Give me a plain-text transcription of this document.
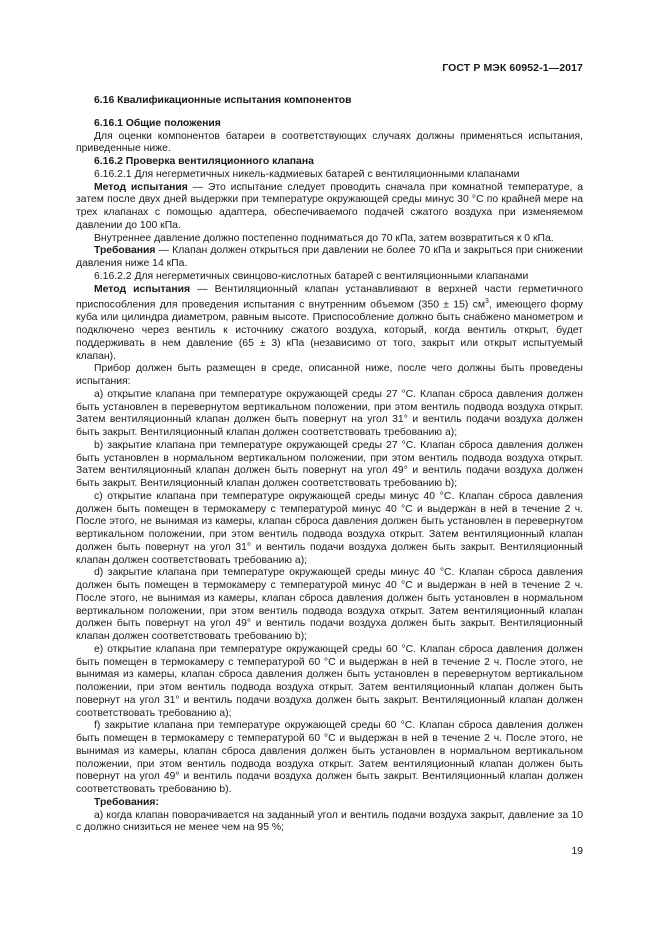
ГОСТ Р МЭК 60952-1—2017

6.16 Квалификационные испытания компонентов

6.16.1 Общие положения

Для оценки компонентов батареи в соответствующих случаях должны применяться испытания, приведенные ниже.

6.16.2 Проверка вентиляционного клапана

6.16.2.1 Для негерметичных никель-кадмиевых батарей с вентиляционными клапанами

Метод испытания — Это испытание следует проводить сначала при комнатной температуре, а затем после двух дней выдержки при температуре окружающей среды минус 30 °С по крайней мере на трех клапанах с помощью адаптера, обеспечиваемого подачей сжатого воздуха при изменяемом давлении до 100 кПа.

Внутреннее давление должно постепенно подниматься до 70 кПа, затем возвратиться к 0 кПа.

Требования — Клапан должен открыться при давлении не более 70 кПа и закрыться при снижении давления ниже 14 кПа.

6.16.2.2 Для негерметичных свинцово-кислотных батарей с вентиляционными клапанами

Метод испытания — Вентиляционный клапан устанавливают в верхней части герметичного приспособления для проведения испытания с внутренним объемом (350 ± 15) $см^3$, имеющего форму куба или цилиндра диаметром, равным высоте. Приспособление должно быть снабжено манометром и подключено через вентиль к источнику сжатого воздуха, который, когда вентиль открыт, будет поддерживать в нем давление (65 ± 3) кПа (независимо от того, закрыт или открыт испытуемый клапан).

Прибор должен быть размещен в среде, описанной ниже, после чего должны быть проведены испытания:

a) открытие клапана при температуре окружающей среды 27 °С. Клапан сброса давления должен быть установлен в перевернутом вертикальном положении, при этом вентиль подвода воздуха открыт. Затем вентиляционный клапан должен быть повернут на угол 31° и вентиль подачи воздуха должен быть закрыт. Вентиляционный клапан должен соответствовать требованию a);

b) закрытие клапана при температуре окружающей среды 27 °С. Клапан сброса давления должен быть установлен в нормальном вертикальном положении, при этом вентиль подвода воздуха открыт. Затем вентиляционный клапан должен быть повернут на угол 49° и вентиль подачи воздуха должен быть закрыт. Вентиляционный клапан должен соответствовать требованию b);

c) открытие клапана при температуре окружающей среды минус 40 °С. Клапан сброса давления должен быть помещен в термокамеру с температурой минус 40 °С и выдержан в ней в течение 2 ч. После этого, не вынимая из камеры, клапан сброса давления должен быть установлен в перевернутом вертикальном положении, при этом вентиль подвода воздуха открыт. Затем вентиляционный клапан должен быть повернут на угол 31° и вентиль подачи воздуха должен быть закрыт. Вентиляционный клапан должен соответствовать требованию a);

d) закрытие клапана при температуре окружающей среды минус 40 °С. Клапан сброса давления должен быть помещен в термокамеру с температурой минус 40 °С и выдержан в ней в течение 2 ч. После этого, не вынимая из камеры, клапан сброса давления должен быть установлен в нормальном вертикальном положении, при этом вентиль подвода воздуха открыт. Затем вентиляционный клапан должен быть повернут на угол 49° и вентиль подачи воздуха должен быть закрыт. Вентиляционный клапан должен соответствовать требованию b);

e) открытие клапана при температуре окружающей среды 60 °С. Клапан сброса давления должен быть помещен в термокамеру с температурой 60 °С и выдержан в ней в течение 2 ч. После этого, не вынимая из камеры, клапан сброса давления должен быть установлен в перевернутом вертикальном положении, при этом вентиль подвода воздуха открыт. Затем вентиляционный клапан должен быть повернут на угол 31° и вентиль подачи воздуха должен быть закрыт. Вентиляционный клапан должен соответствовать требованию a);

f) закрытие клапана при температуре окружающей среды 60 °С. Клапан сброса давления должен быть помещен в термокамеру с температурой 60 °С и выдержан в ней в течение 2 ч. После этого, не вынимая из камеры, клапан сброса давления должен быть установлен в нормальном вертикальном положении, при этом вентиль подвода воздуха открыт. Затем вентиляционный клапан должен быть повернут на угол 49° и вентиль подачи воздуха должен быть закрыт. Вентиляционный клапан должен соответствовать требованию b).

Требования:

a) когда клапан поворачивается на заданный угол и вентиль подачи воздуха закрыт, давление за 10 с должно снизиться не менее чем на 95 %;

19
